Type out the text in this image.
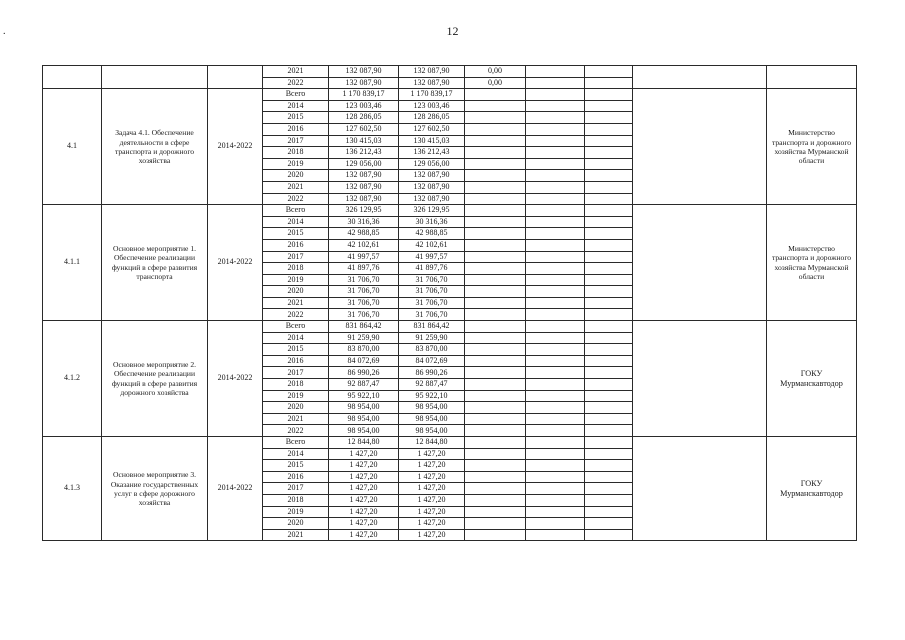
.	12
			2021	132 087,90	132 087,90	0,00				
			2022	132 087,90	132 087,90	0,00				
4.1	Задача 4.1. Обеспечение деятельности в сфере транспорта и дорожного хозяйства	2014-2022	Всего	1 170 839,17	1 170 839,17					Министерство транспорта и дорожного хозяйства Мурманской области
			2014	123 003,46	123 003,46					
			2015	128 286,05	128 286,05					
			2016	127 602,50	127 602,50					
			2017	130 415,03	130 415,03					
			2018	136 212,43	136 212,43					
			2019	129 056,00	129 056,00					
			2020	132 087,90	132 087,90					
			2021	132 087,90	132 087,90					
			2022	132 087,90	132 087,90					
4.1.1	Основное мероприятие 1. Обеспечение реализации функций в сфере развития транспорта	2014-2022	Всего	326 129,95	326 129,95					Министерство транспорта и дорожного хозяйства Мурманской области
			2014	30 316,36	30 316,36					
			2015	42 988,85	42 988,85					
			2016	42 102,61	42 102,61					
			2017	41 997,57	41 997,57					
			2018	41 897,76	41 897,76					
			2019	31 706,70	31 706,70					
			2020	31 706,70	31 706,70					
			2021	31 706,70	31 706,70					
			2022	31 706,70	31 706,70					
4.1.2	Основное мероприятие 2. Обеспечение реализации функций в сфере развития дорожного хозяйства	2014-2022	Всего	831 864,42	831 864,42					ГОКУ Мурманскавтодор
			2014	91 259,90	91 259,90					
			2015	83 870,00	83 870,00					
			2016	84 072,69	84 072,69					
			2017	86 990,26	86 990,26					
			2018	92 887,47	92 887,47					
			2019	95 922,10	95 922,10					
			2020	98 954,00	98 954,00					
			2021	98 954,00	98 954,00					
			2022	98 954,00	98 954,00					
4.1.3	Основное мероприятие 3. Оказание государственных услуг в сфере дорожного хозяйства	2014-2022	Всего	12 844,80	12 844,80					ГОКУ Мурманскавтодор
			2014	1 427,20	1 427,20					
			2015	1 427,20	1 427,20					
			2016	1 427,20	1 427,20					
			2017	1 427,20	1 427,20					
			2018	1 427,20	1 427,20					
			2019	1 427,20	1 427,20					
			2020	1 427,20	1 427,20					
			2021	1 427,20	1 427,20					
